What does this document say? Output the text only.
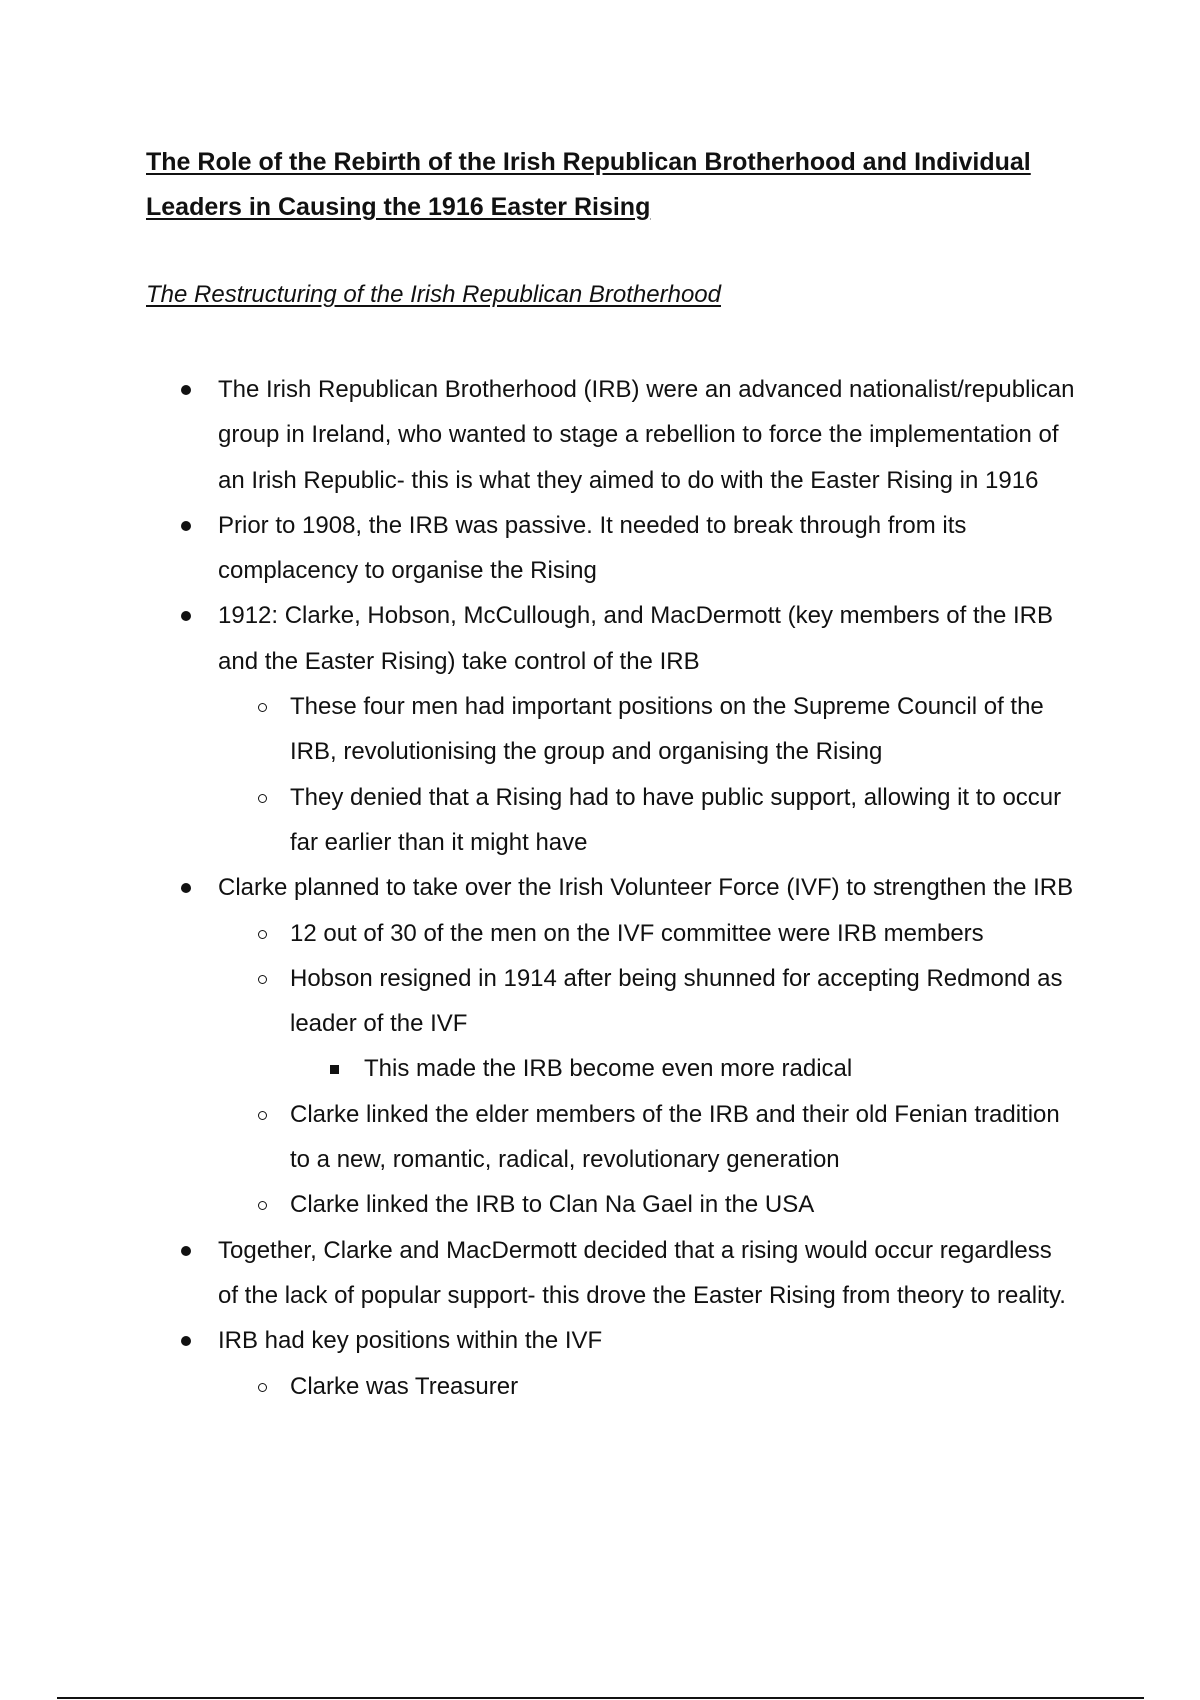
The Role of the Rebirth of the Irish Republican Brotherhood and Individual Leaders in Causing the 1916 Easter Rising
The Restructuring of the Irish Republican Brotherhood
The Irish Republican Brotherhood (IRB) were an advanced nationalist/republican group in Ireland, who wanted to stage a rebellion to force the implementation of an Irish Republic- this is what they aimed to do with the Easter Rising in 1916
Prior to 1908, the IRB was passive. It needed to break through from its complacency to organise the Rising
1912: Clarke, Hobson, McCullough, and MacDermott (key members of the IRB and the Easter Rising) take control of the IRB
These four men had important positions on the Supreme Council of the IRB, revolutionising the group and organising the Rising
They denied that a Rising had to have public support, allowing it to occur far earlier than it might have
Clarke planned to take over the Irish Volunteer Force (IVF) to strengthen the IRB
12 out of 30 of the men on the IVF committee were IRB members
Hobson resigned in 1914 after being shunned for accepting Redmond as leader of the IVF
This made the IRB become even more radical
Clarke linked the elder members of the IRB and their old Fenian tradition to a new, romantic, radical, revolutionary generation
Clarke linked the IRB to Clan Na Gael in the USA
Together, Clarke and MacDermott decided that a rising would occur regardless of the lack of popular support- this drove the Easter Rising from theory to reality.
IRB had key positions within the IVF
Clarke was Treasurer
